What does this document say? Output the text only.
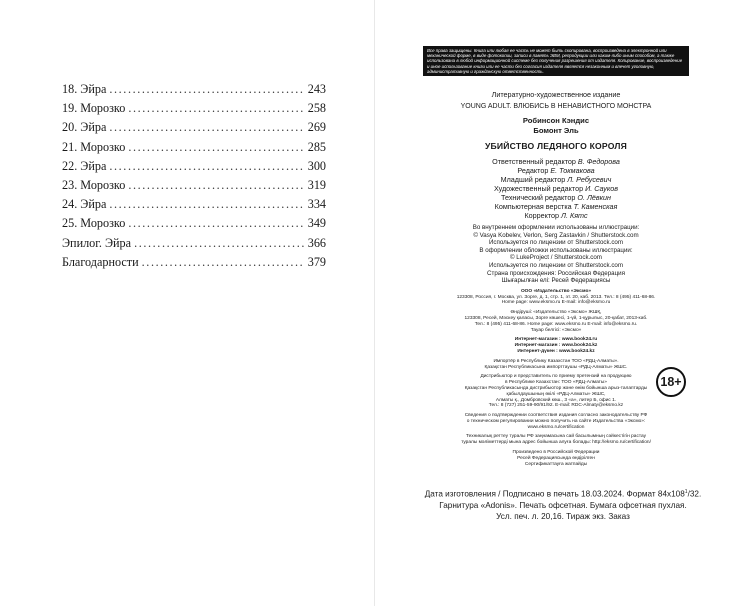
18. Эйра .....	243
19. Морозко .....	258
20. Эйра .....	269
21. Морозко .....	285
22. Эйра .....	300
23. Морозко .....	319
24. Эйра .....	334
25. Морозко .....	349
Эпилог. Эйра .....	366
Благодарности .....	379
Все права защищены. Книга или любая ее часть не может быть скопирована, воспроизведена в электронной или механической форме, в виде фотокопии, записи в память ЭВМ, репродукции или каким-либо иным способом, а также использована в любой информационной системе без получения разрешения от издателя. Копирование, воспроизведение и иное использование книги или ее части без согласия издателя является незаконным и влечет уголовную, административную и гражданскую ответственность.
Литературно-художественное издание
YOUNG ADULT. ВЛЮБИСЬ В НЕНАВИСТНОГО МОНСТРА
Робинсон Кэндис
Бомонт Эль
УБИЙСТВО ЛЕДЯНОГО КОРОЛЯ
Ответственный редактор В. Федорова
Редактор Е. Токмакова
Младший редактор Л. Ребусевич
Художественный редактор И. Сауков
Технический редактор О. Лёвкин
Компьютерная верстка Т. Каменская
Корректор Л. Кятс
Во внутреннем оформлении использованы иллюстрации:
© Vasya Kobelev, Verlon, Serg Zastavkin / Shutterstock.com
Используется по лицензии от Shutterstock.com
В оформлении обложки использованы иллюстрации:
© LukeProject / Shutterstock.com
Используется по лицензии от Shutterstock.com
Страна происхождения: Российская Федерация
Шығарылған елі: Ресей Федерациясы
ООО «Издательство «Эксмо»
123308, Россия, г. Москва, ул. Зорге, д. 1, стр. 1, эт. 20, каб. 2013. Тел.: 8 (495) 411-68-86.
Home page: www.eksmo.ru E-mail: info@eksmo.ru
Өндіруші: «Издательство «Эксмо» ЖШҚ,
123308, Ресей, Мәскеу қаласы, Зорге көшесі, 1-үй, 1-құрылыс, 20-қабат, 2013-каб.
Тел.: 8 (495) 411-68-86. Home page: www.eksmo.ru E-mail: info@eksmo.ru.
Тауар белгісі: «Эксмо»
Интернет-магазин : www.book24.ru
Интернет-магазин : www.book24.kz
Интернет-дүкен : www.book24.kz
Импортёр в Республику Казахстан ТОО «РДЦ-Алматы».
Қазақстан Республикасына импорттаушы «РДЦ-Алматы» ЖШС.
Дистрибьютор и представитель по приему претензий на продукцию
в Республике Казахстан: ТОО «РДЦ-Алматы»
Қазақстан Республикасында дистрибьютор және өнім бойынша арыз-талаптарды
қабылдаушының өкілі «РДЦ-Алматы» ЖШС,
Алматы қ., Домбровский көш., 3 «а», литер Б, офис 1.
Тел.: 8 (727) 251-59-90/91/92. E-mail: RDC-Almaty@eksmo.kz
Сведения о подтверждении соответствия издания согласно законодательству РФ
о техническом регулировании можно получить на сайте Издательства «Эксмо»:
www.eksmo.ru/certification
Техникалық реттеу туралы РФ заңнамасына сай басылымның сәйкестігін растау
туралы мәліметтерді мына адрес бойынша алуға болады: http://eksmo.ru/certification/
Произведено в Российской Федерации
Ресей Федерациясында өндірілген
Сертификаттауға жатпайды
18+
Дата изготовления / Подписано в печать 18.03.2024. Формат $84х108^1/32$.
Гарнитура «Adonis». Печать офсетная. Бумага офсетная пухлая.
Усл. печ. л. 20,16. Тираж экз. Заказ
